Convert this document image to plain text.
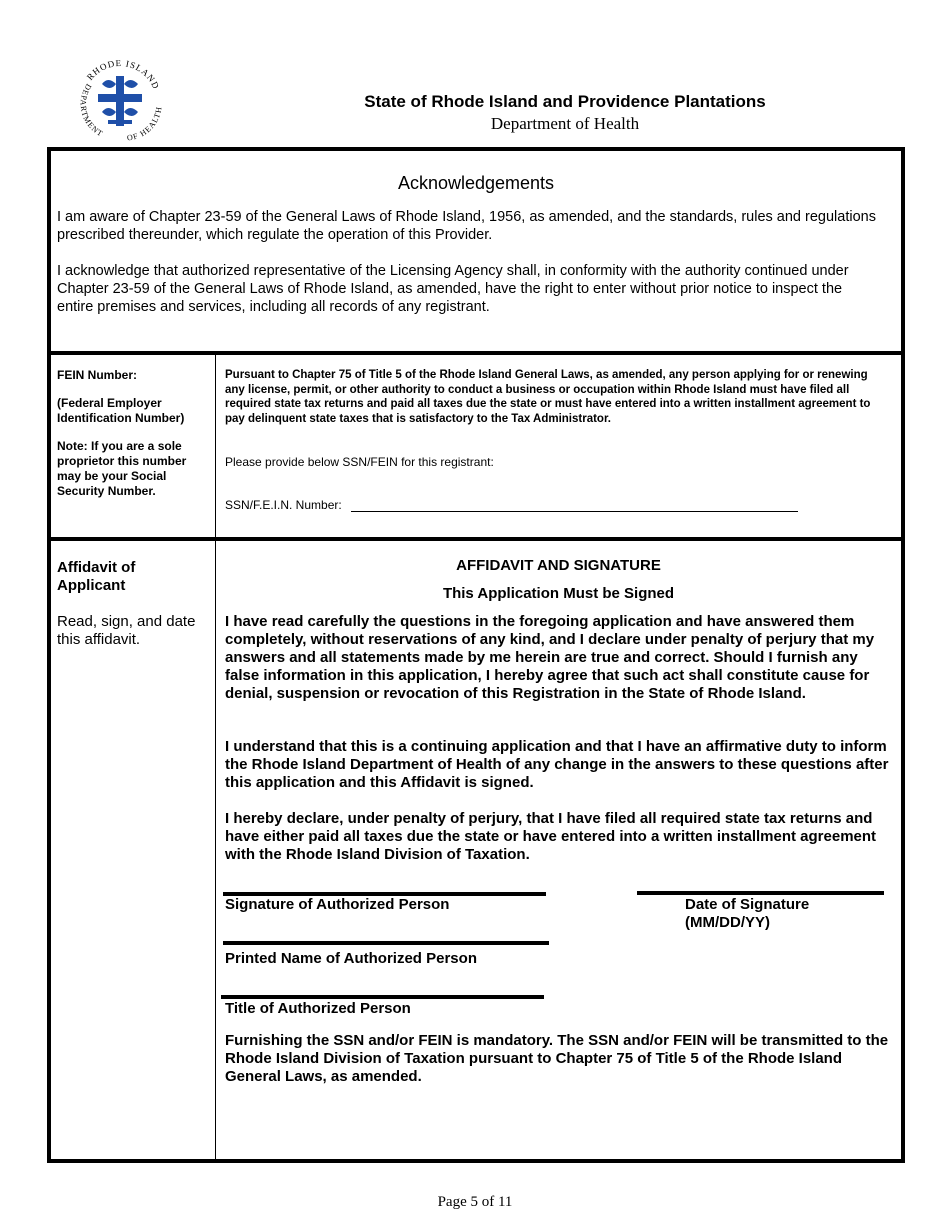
RHODE ISLAND
DEPARTMENT	OF HEALTH	State of Rhode Island and Providence Plantations
Department of Health
Acknowledgements
I am aware of Chapter 23-59 of the General Laws of Rhode Island, 1956, as amended, and the standards, rules and regulations prescribed thereunder, which regulate the operation of this Provider.
I acknowledge that authorized representative of the Licensing Agency shall, in conformity with the authority continued under Chapter 23-59 of the General Laws of Rhode Island, as amended, have the right to enter without prior notice to inspect the entire premises and services, including all records of any registrant.

FEIN Number:

(Federal Employer Identification Number)

Note: If you are a sole proprietor this number may be your Social Security Number.

Pursuant to Chapter 75 of Title 5 of the Rhode Island General Laws, as amended, any person applying for or renewing any license, permit, or other authority to conduct a business or occupation within Rhode Island must have filed all required state tax returns and paid all taxes due the state or must have entered into a written installment agreement to pay delinquent state taxes that is satisfactory to the Tax Administrator.
Please provide below SSN/FEIN for this registrant:
SSN/F.E.I.N. Number:
Affidavit of Applicant
Read, sign, and date this affidavit.
AFFIDAVIT AND SIGNATURE
This Application Must be Signed
I have read carefully the questions in the foregoing application and have answered them completely, without reservations of any kind, and I declare under penalty of perjury that my answers and all statements made by me herein are true and correct. Should I furnish any false information in this application, I hereby agree that such act shall constitute cause for denial, suspension or revocation of this Registration in the State of Rhode Island.
I understand that this is a continuing application and that I have an affirmative duty to inform the Rhode Island Department of Health of any change in the answers to these questions after this application and this Affidavit is signed.
I hereby declare, under penalty of perjury, that I have filed all required state tax returns and have either paid all taxes due the state or have entered into a written installment agreement with the Rhode Island Division of Taxation.
Signature of Authorized Person	Date of Signature
(MM/DD/YY)
Printed Name of Authorized Person
Title of Authorized Person
Furnishing the SSN and/or FEIN is mandatory. The SSN and/or FEIN will be transmitted to the Rhode Island Division of Taxation pursuant to Chapter 75 of Title 5 of the Rhode Island General Laws, as amended.
Page 5 of 11
